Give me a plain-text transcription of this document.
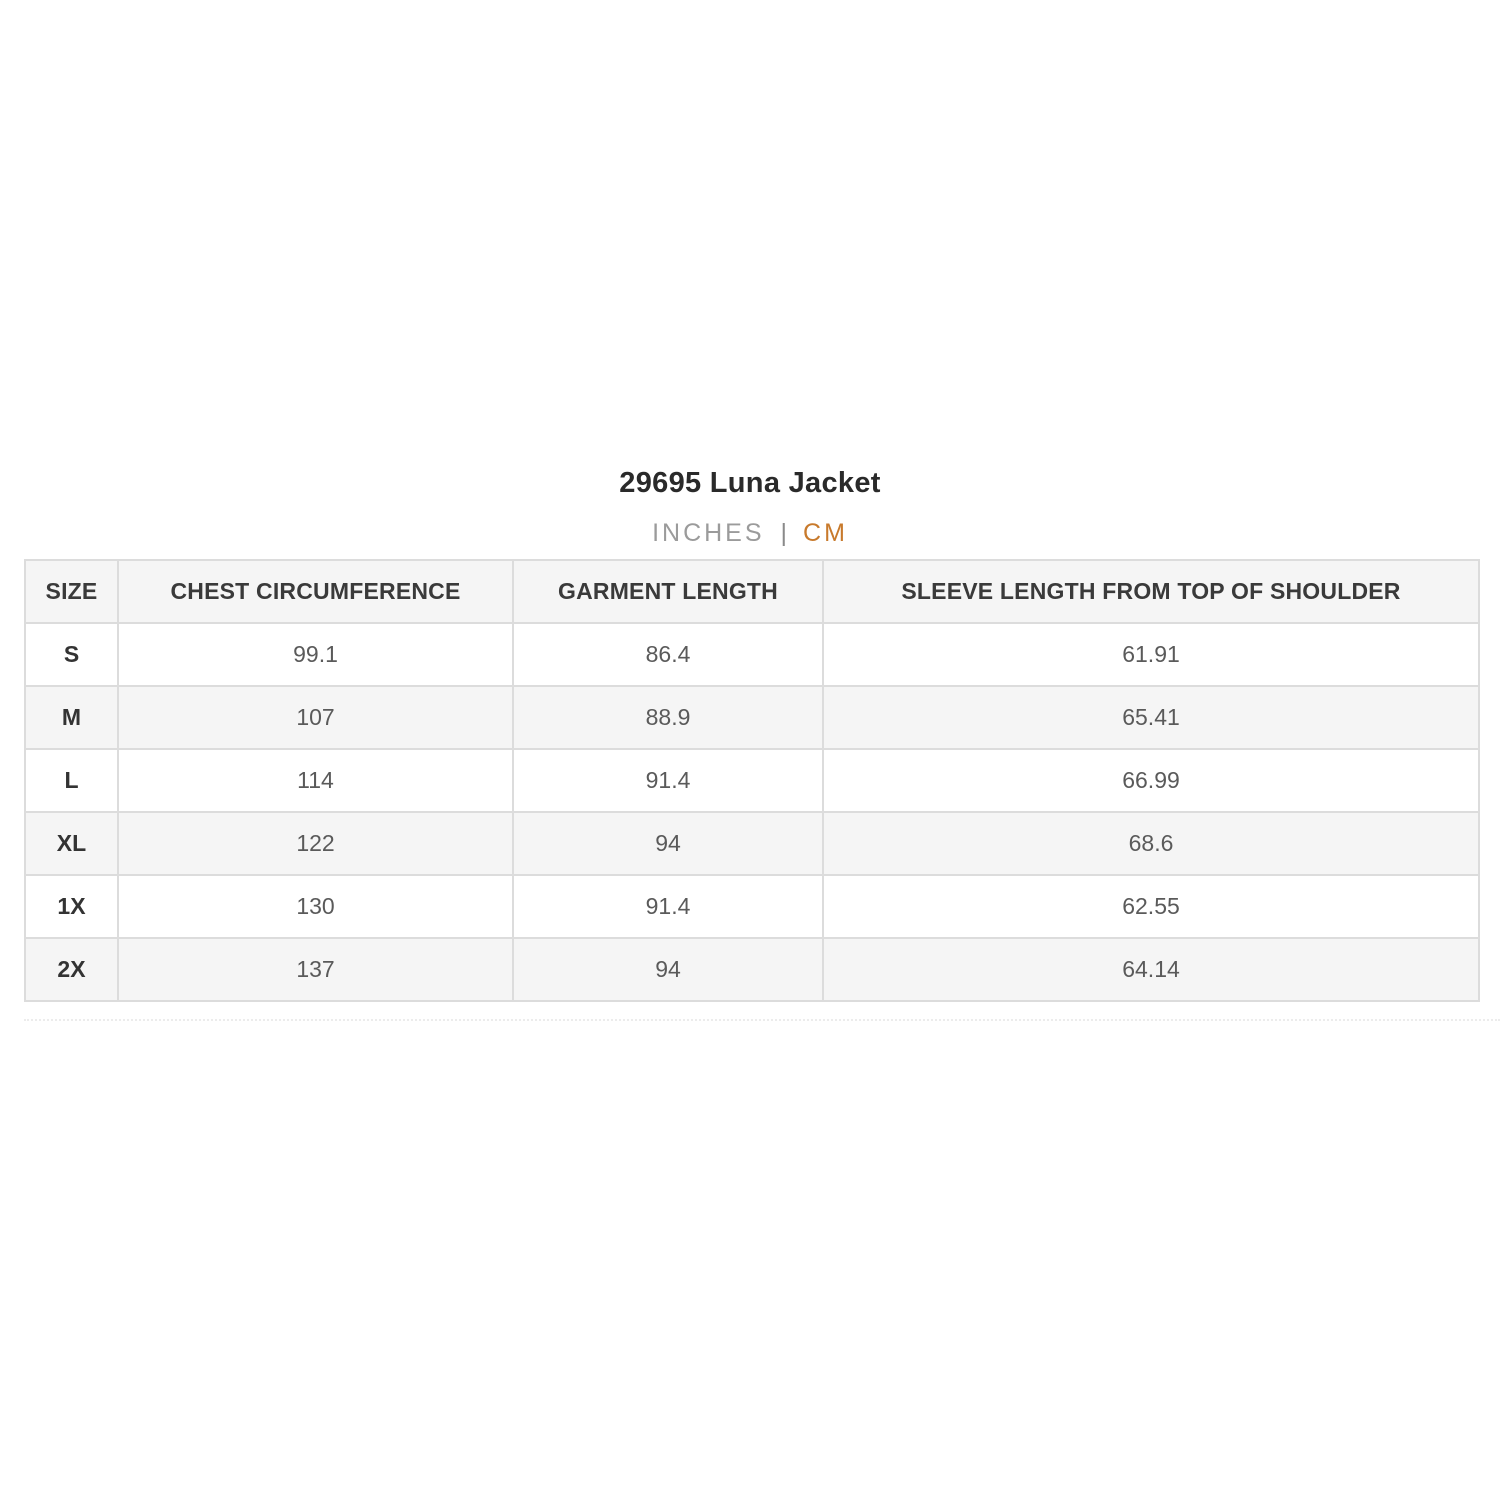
29695 Luna Jacket
INCHES | CM
SIZE	CHEST CIRCUMFERENCE	GARMENT LENGTH	SLEEVE LENGTH FROM TOP OF SHOULDER
S	99.1	86.4	61.91
M	107	88.9	65.41
L	114	91.4	66.99
XL	122	94	68.6
1X	130	91.4	62.55
2X	137	94	64.14
